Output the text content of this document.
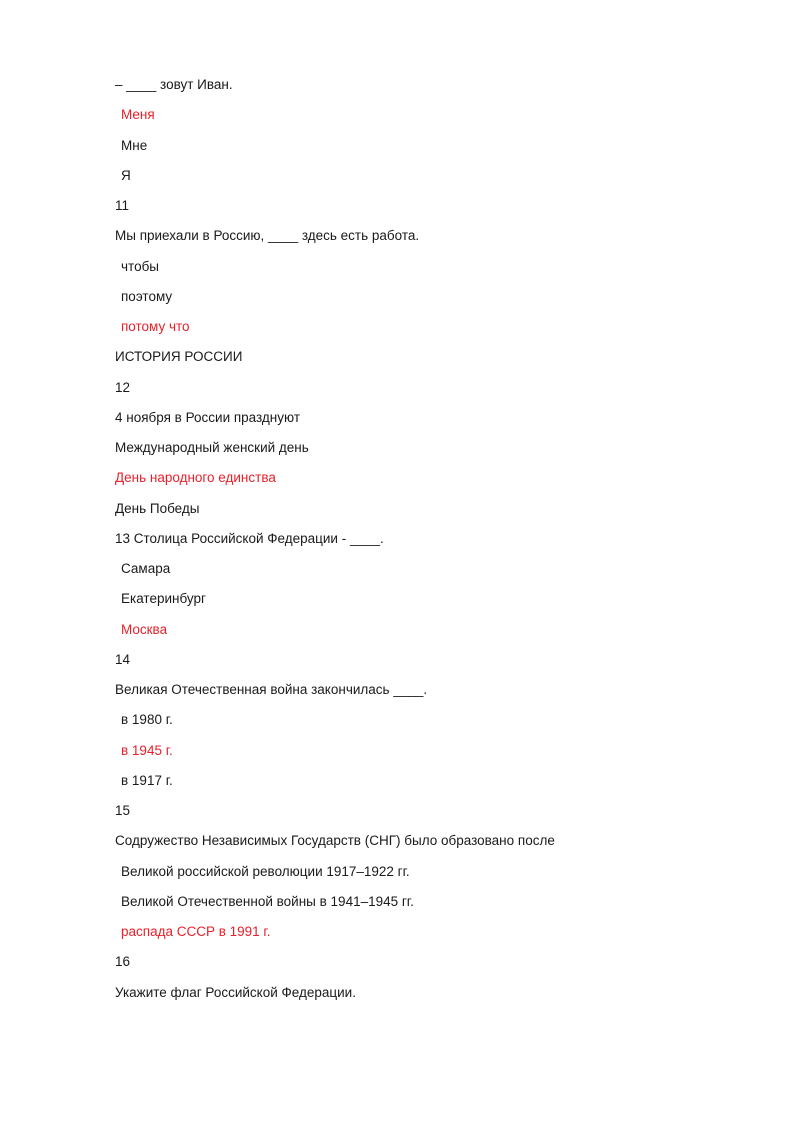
– ____ зовут Иван.
Меня
Мне
Я
11
Мы приехали в Россию, ____ здесь есть работа.
чтобы
поэтому
потому что
ИСТОРИЯ РОССИИ
12
4 ноября в России празднуют
Международный женский день
День народного единства
День Победы
13 Столица Российской Федерации - ____.
Самара
Екатеринбург
Москва
14
Великая Отечественная война закончилась ____.
в 1980 г.
в 1945 г.
в 1917 г.
15
Содружество Независимых Государств (СНГ) было образовано после
Великой российской революции 1917–1922 гг.
Великой Отечественной войны в 1941–1945 гг.
распада СССР в 1991 г.
16
Укажите флаг Российской Федерации.
